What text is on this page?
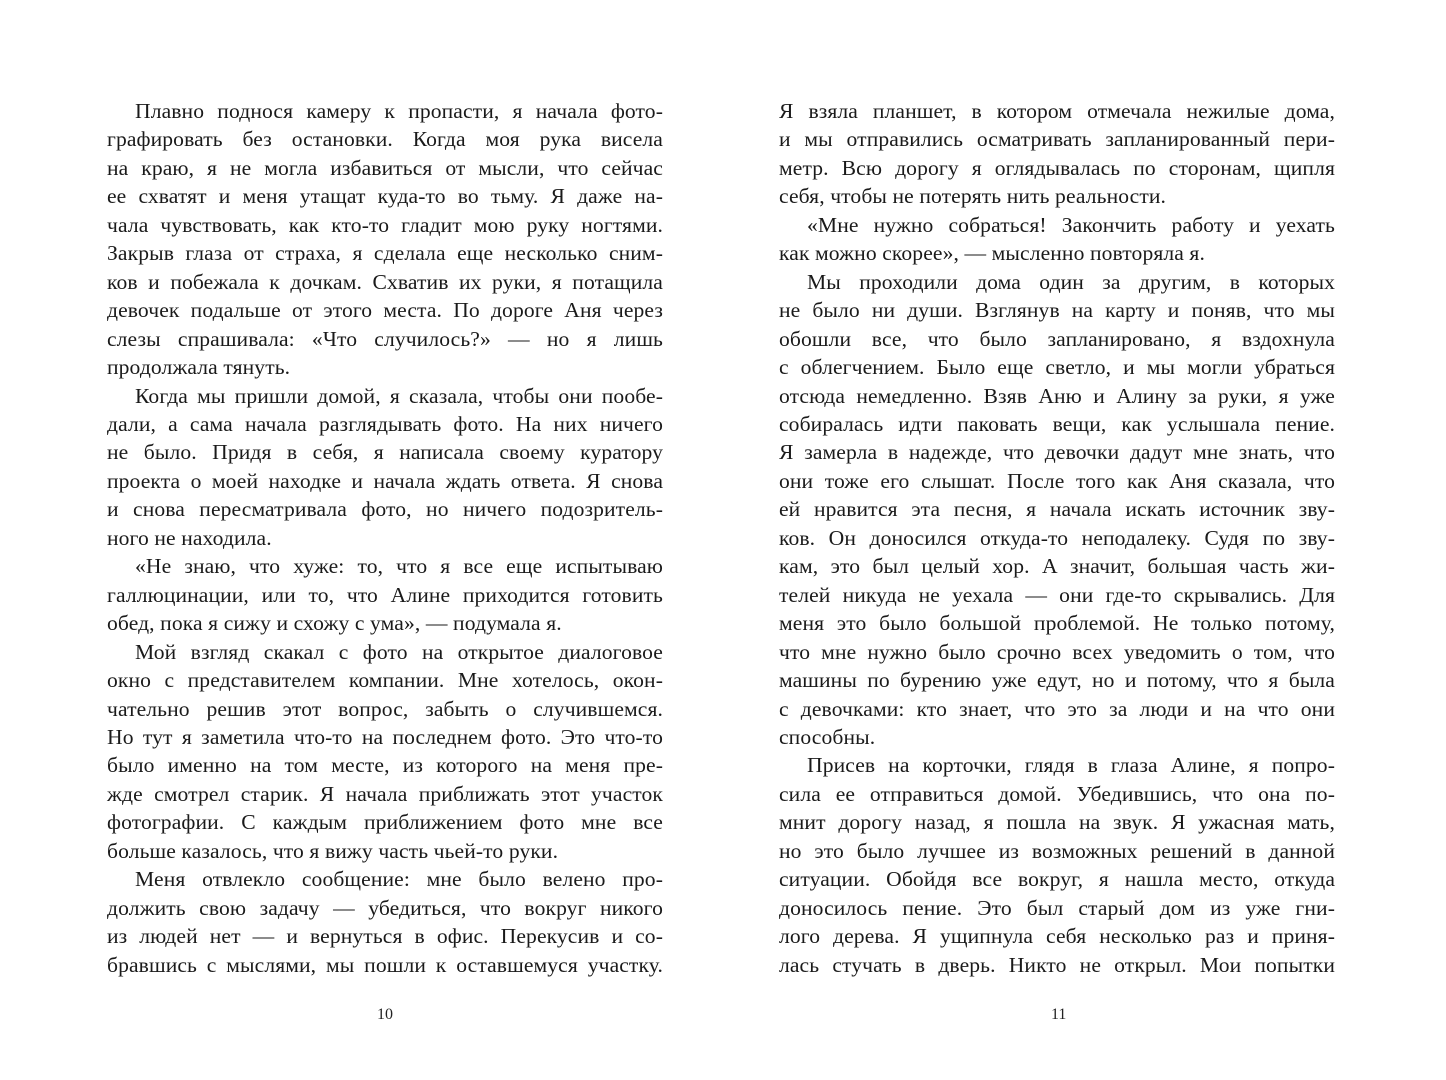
Плавно поднося камеру к пропасти, я начала фото-
графировать без остановки. Когда моя рука висела
на краю, я не могла избавиться от мысли, что сейчас
ее схватят и меня утащат куда-то во тьму. Я даже на-
чала чувствовать, как кто-то гладит мою руку ногтями.
Закрыв глаза от страха, я сделала еще несколько сним-
ков и побежала к дочкам. Схватив их руки, я потащила
девочек подальше от этого места. По дороге Аня через
слезы спрашивала: «Что случилось?» — но я лишь
продолжала тянуть.
Когда мы пришли домой, я сказала, чтобы они пообе-
дали, а сама начала разглядывать фото. На них ничего
не было. Придя в себя, я написала своему куратору
проекта о моей находке и начала ждать ответа. Я снова
и снова пересматривала фото, но ничего подозритель-
ного не находила.
«Не знаю, что хуже: то, что я все еще испытываю
галлюцинации, или то, что Алине приходится готовить
обед, пока я сижу и схожу с ума», — подумала я.
Мой взгляд скакал с фото на открытое диалоговое
окно с представителем компании. Мне хотелось, окон-
чательно решив этот вопрос, забыть о случившемся.
Но тут я заметила что-то на последнем фото. Это что-то
было именно на том месте, из которого на меня пре-
жде смотрел старик. Я начала приближать этот участок
фотографии. С каждым приближением фото мне все
больше казалось, что я вижу часть чьей-то руки.
Меня отвлекло сообщение: мне было велено про-
должить свою задачу — убедиться, что вокруг никого
из людей нет — и вернуться в офис. Перекусив и со-
бравшись с мыслями, мы пошли к оставшемуся участку.
Я взяла планшет, в котором отмечала нежилые дома,
и мы отправились осматривать запланированный пери-
метр. Всю дорогу я оглядывалась по сторонам, щипля
себя, чтобы не потерять нить реальности.
«Мне нужно собраться! Закончить работу и уехать
как можно скорее», — мысленно повторяла я.
Мы проходили дома один за другим, в которых
не было ни души. Взглянув на карту и поняв, что мы
обошли все, что было запланировано, я вздохнула
с облегчением. Было еще светло, и мы могли убраться
отсюда немедленно. Взяв Аню и Алину за руки, я уже
собиралась идти паковать вещи, как услышала пение.
Я замерла в надежде, что девочки дадут мне знать, что
они тоже его слышат. После того как Аня сказала, что
ей нравится эта песня, я начала искать источник зву-
ков. Он доносился откуда-то неподалеку. Судя по зву-
кам, это был целый хор. А значит, большая часть жи-
телей никуда не уехала — они где-то скрывались. Для
меня это было большой проблемой. Не только потому,
что мне нужно было срочно всех уведомить о том, что
машины по бурению уже едут, но и потому, что я была
с девочками: кто знает, что это за люди и на что они
способны.
Присев на корточки, глядя в глаза Алине, я попро-
сила ее отправиться домой. Убедившись, что она по-
мнит дорогу назад, я пошла на звук. Я ужасная мать,
но это было лучшее из возможных решений в данной
ситуации. Обойдя все вокруг, я нашла место, откуда
доносилось пение. Это был старый дом из уже гни-
лого дерева. Я ущипнула себя несколько раз и приня-
лась стучать в дверь. Никто не открыл. Мои попытки
10	11
